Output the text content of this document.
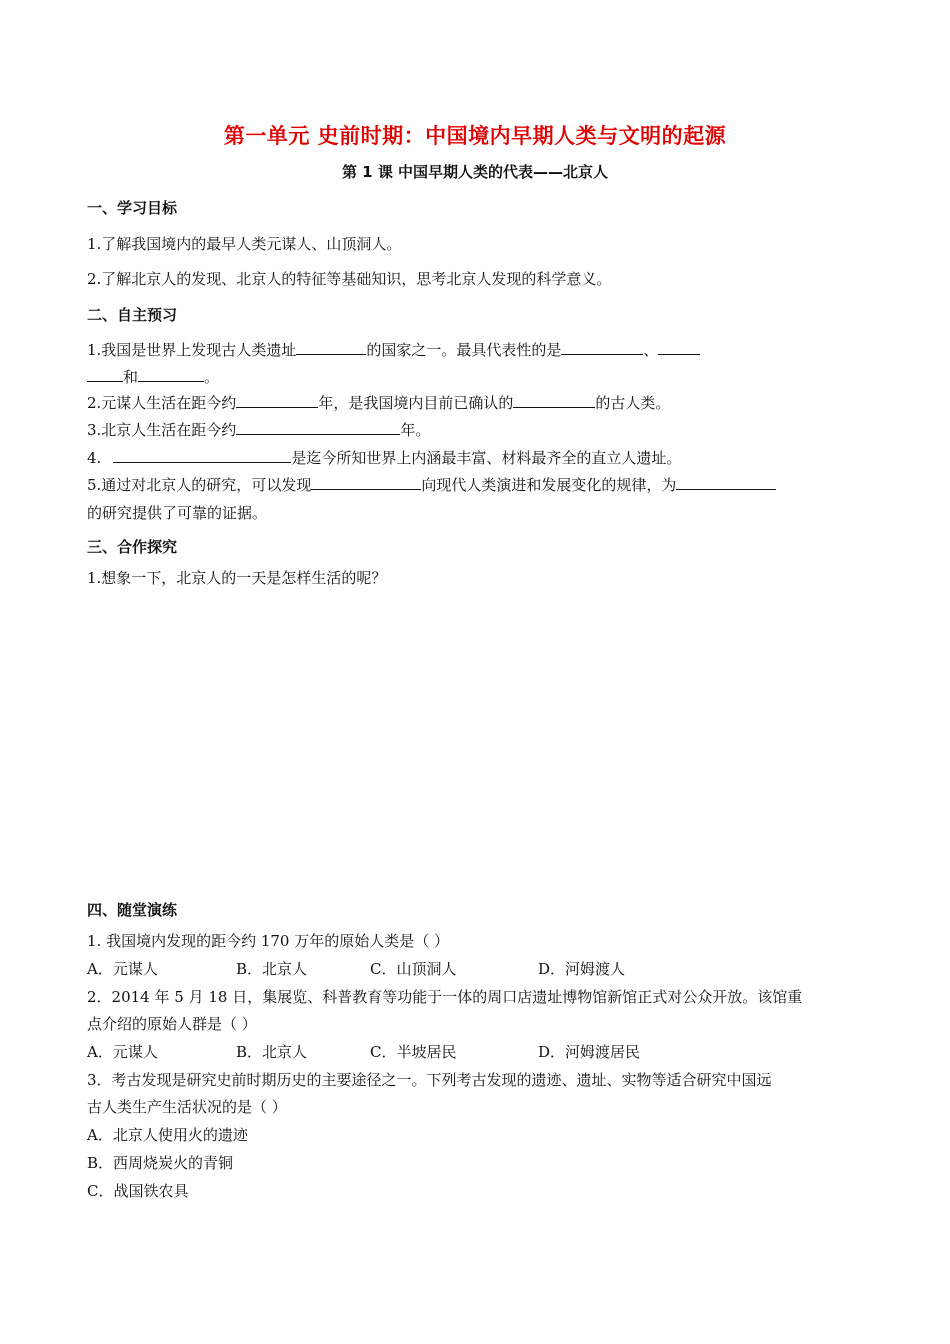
第一单元 史前时期：中国境内早期人类与文明的起源
第 1 课 中国早期人类的代表——北京人
一、学习目标
1.了解我国境内的最早人类元谋人、山顶洞人。
2.了解北京人的发现、北京人的特征等基础知识，思考北京人发现的科学意义。
二、自主预习
1.我国是世界上发现古人类遗址	的国家之一。最具代表性的是	、
和	。
2.元谋人生活在距今约	年，是我国境内目前已确认的	的古人类。
3.北京人生活在距今约	年。
4.	是迄今所知世界上内涵最丰富、材料最齐全的直立人遗址。
5.通过对北京人的研究，可以发现	向现代人类演进和发展变化的规律，为
的研究提供了可靠的证据。
三、合作探究
1.想象一下，北京人的一天是怎样生活的呢？
四、随堂演练
1. 我国境内发现的距今约 170 万年的原始人类是（ ）
A．元谋人	B．北京人	C．山顶洞人	D．河姆渡人
2．2014 年 5 月 18 日，集展览、科普教育等功能于一体的周口店遗址博物馆新馆正式对公众开放。该馆重
点介绍的原始人群是（ ）
A．元谋人	B．北京人	C．半坡居民	D．河姆渡居民
3．考古发现是研究史前时期历史的主要途径之一。下列考古发现的遗迹、遗址、实物等适合研究中国远
古人类生产生活状况的是（ ）
A．北京人使用火的遗迹
B．西周烧炭火的青铜
C．战国铁农具
